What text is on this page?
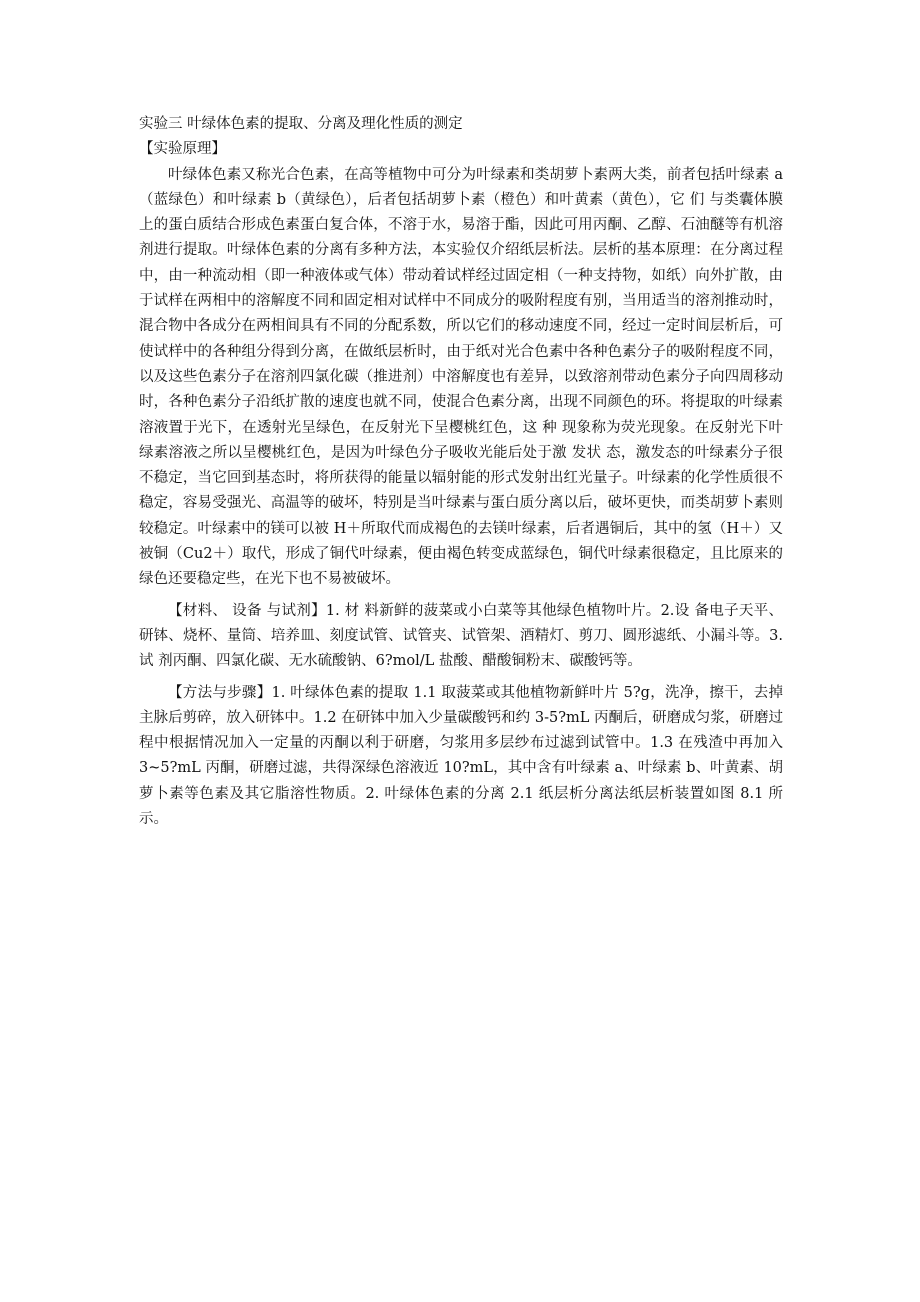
实验三 叶绿体色素的提取、分离及理化性质的测定

【实验原理】

叶绿体色素又称光合色素，在高等植物中可分为叶绿素和类胡萝卜素两大类，前者包括叶绿素 a（蓝绿色）和叶绿素 b（黄绿色），后者包括胡萝卜素（橙色）和叶黄素（黄色），它 们 与类囊体膜上的蛋白质结合形成色素蛋白复合体，不溶于水，易溶于酯，因此可用丙酮、乙醇、石油醚等有机溶剂进行提取。叶绿体色素的分离有多种方法，本实验仅介绍纸层析法。层析的基本原理：在分离过程中，由一种流动相（即一种液体或气体）带动着试样经过固定相（一种支持物，如纸）向外扩散，由于试样在两相中的溶解度不同和固定相对试样中不同成分的吸附程度有别，当用适当的溶剂推动时，混合物中各成分在两相间具有不同的分配系数，所以它们的移动速度不同，经过一定时间层析后，可使试样中的各种组分得到分离，在做纸层析时，由于纸对光合色素中各种色素分子的吸附程度不同，以及这些色素分子在溶剂四氯化碳（推进剂）中溶解度也有差异，以致溶剂带动色素分子向四周移动时，各种色素分子沿纸扩散的速度也就不同，使混合色素分离，出现不同颜色的环。将提取的叶绿素溶液置于光下，在透射光呈绿色，在反射光下呈樱桃红色，这 种 现象称为荧光现象。在反射光下叶绿素溶液之所以呈樱桃红色，是因为叶绿色分子吸收光能后处于激 发状 态，激发态的叶绿素分子很不稳定，当它回到基态时，将所获得的能量以辐射能的形式发射出红光量子。叶绿素的化学性质很不稳定，容易受强光、高温等的破坏，特别是当叶绿素与蛋白质分离以后，破坏更快，而类胡萝卜素则较稳定。叶绿素中的镁可以被 H＋所取代而成褐色的去镁叶绿素，后者遇铜后，其中的氢（H＋）又被铜（Cu2＋）取代，形成了铜代叶绿素，便由褐色转变成蓝绿色，铜代叶绿素很稳定，且比原来的绿色还要稳定些，在光下也不易被破坏。

【材料、 设备 与试剂】1. 材 料新鲜的菠菜或小白菜等其他绿色植物叶片。2.设 备电子天平、研钵、烧杯、量筒、培养皿、刻度试管、试管夹、试管架、酒精灯、剪刀、圆形滤纸、小漏斗等。3.试 剂丙酮、四氯化碳、无水硫酸钠、6?mol/L 盐酸、醋酸铜粉末、碳酸钙等。

【方法与步骤】1. 叶绿体色素的提取 1.1 取菠菜或其他植物新鲜叶片 5?g，洗净，擦干，去掉主脉后剪碎，放入研钵中。1.2 在研钵中加入少量碳酸钙和约 3-5?mL 丙酮后，研磨成匀浆，研磨过程中根据情况加入一定量的丙酮以利于研磨，匀浆用多层纱布过滤到试管中。1.3 在残渣中再加入 3~5?mL 丙酮，研磨过滤，共得深绿色溶液近 10?mL，其中含有叶绿素 a、叶绿素 b、叶黄素、胡萝卜素等色素及其它脂溶性物质。2. 叶绿体色素的分离 2.1 纸层析分离法纸层析装置如图 8.1 所示。
